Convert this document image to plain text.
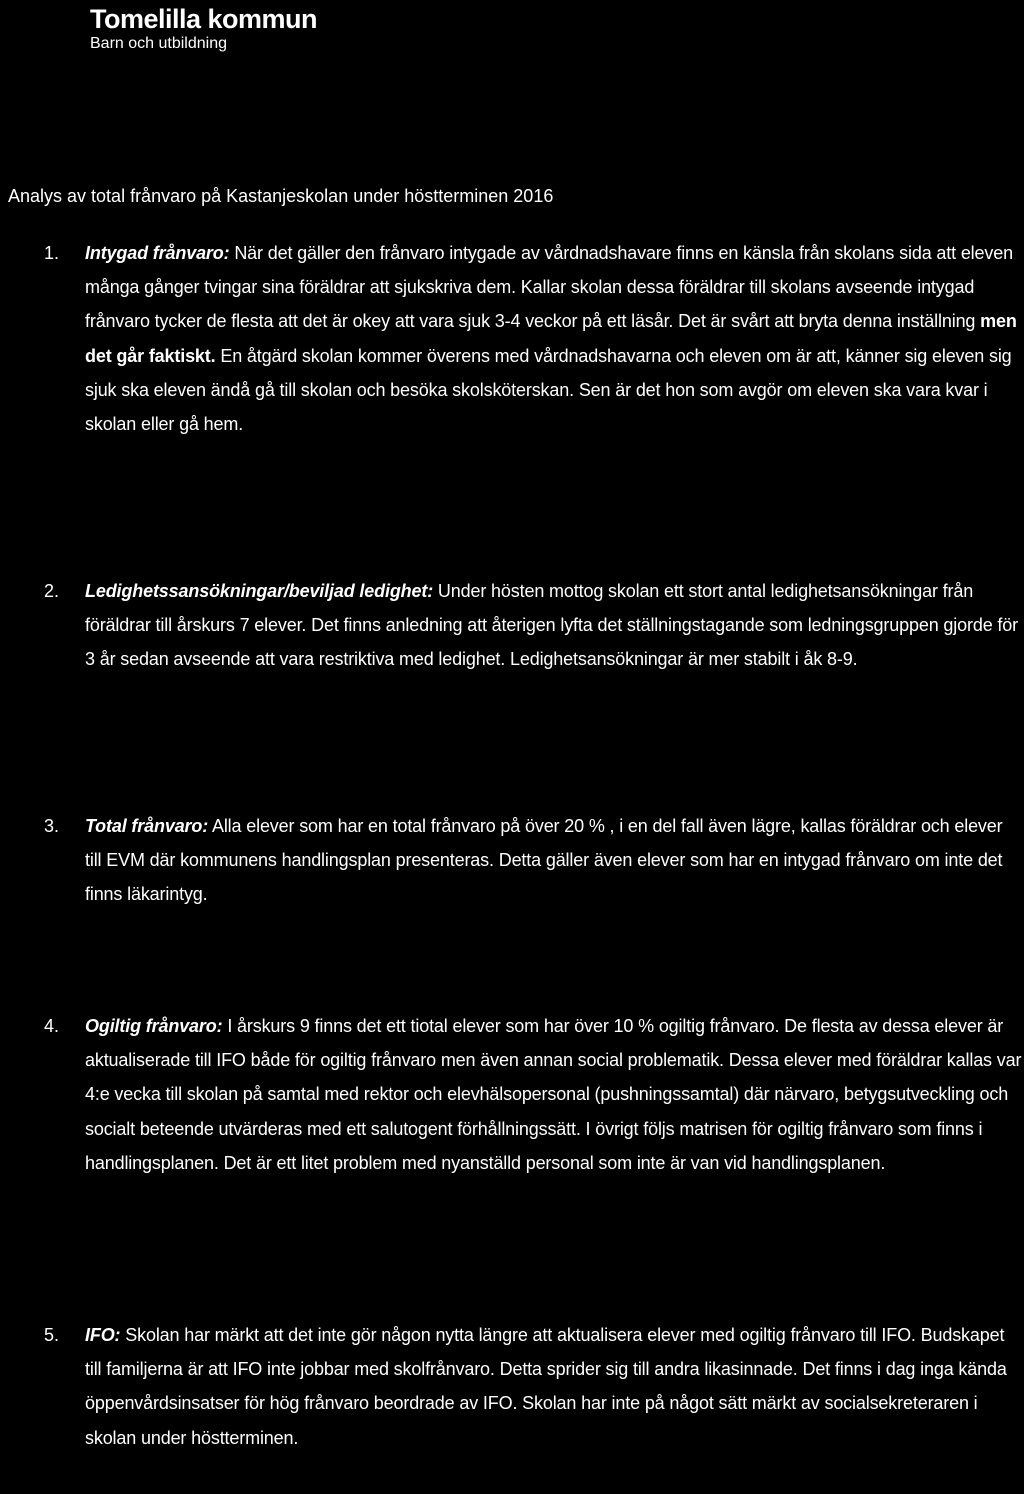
Tomelilla kommun
Barn och utbildning
Analys av total frånvaro på Kastanjeskolan under höstterminen 2016
1. Intygad frånvaro: När det gäller den frånvaro intygade av vårdnadshavare finns en känsla från skolans sida att eleven många gånger tvingar sina föräldrar att sjukskriva dem. Kallar skolan dessa föräldrar till skolans avseende intygad frånvaro tycker de flesta att det är okey att vara sjuk 3-4 veckor på ett läsår. Det är svårt att bryta denna inställning men det går faktiskt. En åtgärd skolan kommer överens med vårdnadshavarna och eleven om är att, känner sig eleven sig sjuk ska eleven ändå gå till skolan och besöka skolsköterskan. Sen är det hon som avgör om eleven ska vara kvar i skolan eller gå hem.
2. Ledighetssansökningar/beviljad ledighet: Under hösten mottog skolan ett stort antal ledighetsansökningar från föräldrar till årskurs 7 elever. Det finns anledning att återigen lyfta det ställningstagande som ledningsgruppen gjorde för 3 år sedan avseende att vara restriktiva med ledighet. Ledighetsansökningar är mer stabilt i åk 8-9.
3. Total frånvaro: Alla elever som har en total frånvaro på över 20 % , i en del fall även lägre, kallas föräldrar och elever till EVM där kommunens handlingsplan presenteras. Detta gäller även elever som har en intygad frånvaro om inte det finns läkarintyg.
4. Ogiltig frånvaro: I årskurs 9 finns det ett tiotal elever som har över 10 % ogiltig frånvaro. De flesta av dessa elever är aktualiserade till IFO både för ogiltig frånvaro men även annan social problematik. Dessa elever med föräldrar kallas var 4:e vecka till skolan på samtal med rektor och elevhälsopersonal (pushningssamtal) där närvaro, betygsutveckling och socialt beteende utvärderas med ett salutogent förhållningssätt. I övrigt följs matrisen för ogiltig frånvaro som finns i handlingsplanen. Det är ett litet problem med nyanställd personal som inte är van vid handlingsplanen.
5. IFO: Skolan har märkt att det inte gör någon nytta längre att aktualisera elever med ogiltig frånvaro till IFO. Budskapet till familjerna är att IFO inte jobbar med skolfrånvaro. Detta sprider sig till andra likasinnade. Det finns i dag inga kända öppenvårdsinsatser för hög frånvaro beordrade av IFO. Skolan har inte på något sätt märkt av socialsekreteraren i skolan under höstterminen.
